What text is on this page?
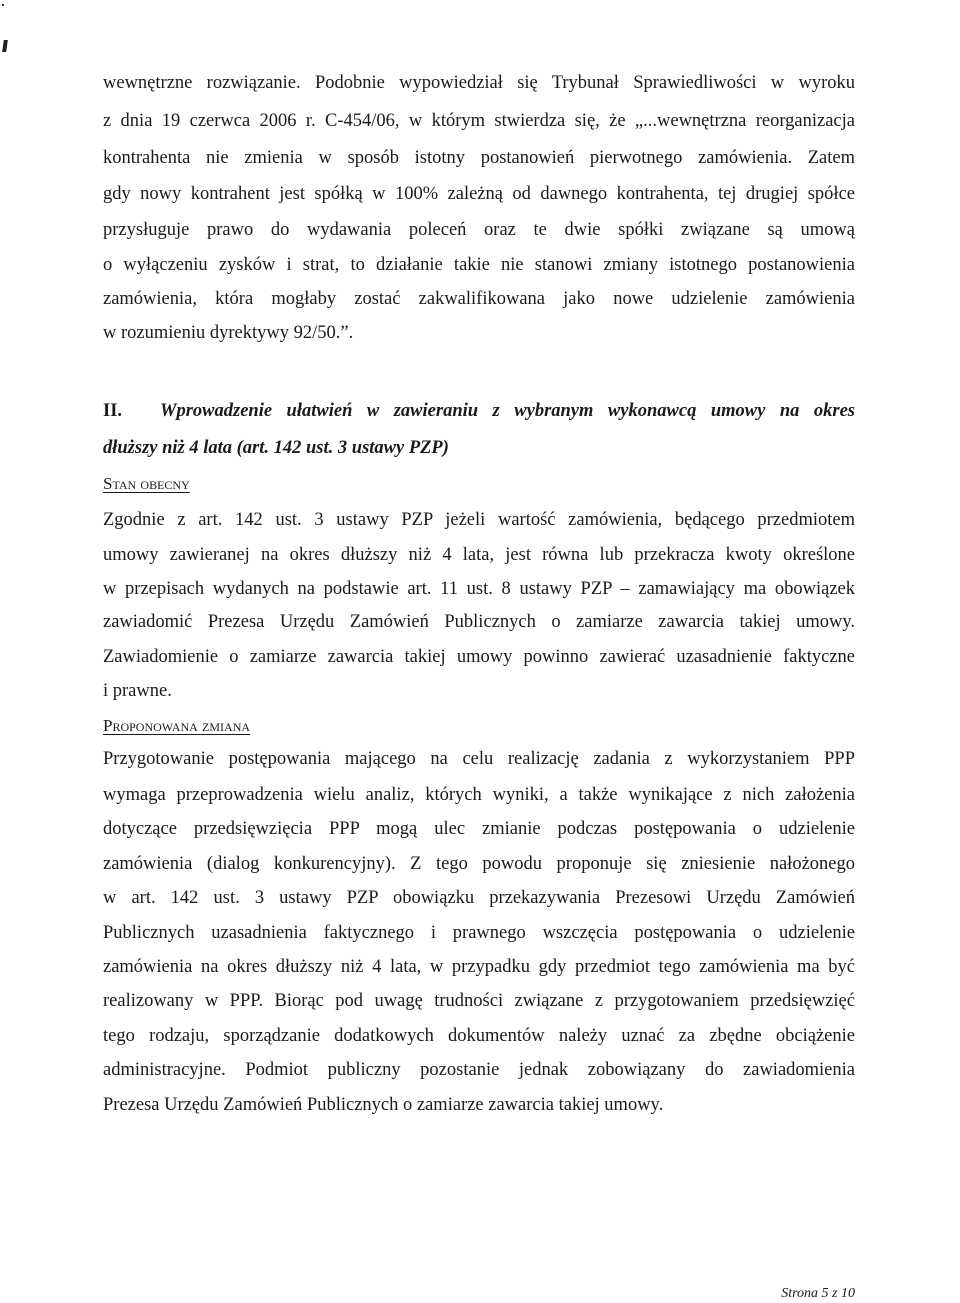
wewnętrzne rozwiązanie. Podobnie wypowiedział się Trybunał Sprawiedliwości w wyroku
z dnia 19 czerwca 2006 r. C-454/06, w którym stwierdza się, że „...wewnętrzna reorganizacja
kontrahenta nie zmienia w sposób istotny postanowień pierwotnego zamówienia. Zatem
gdy nowy kontrahent jest spółką w 100% zależną od dawnego kontrahenta, tej drugiej spółce
przysługuje prawo do wydawania poleceń oraz te dwie spółki związane są umową
o wyłączeniu zysków i strat, to działanie takie nie stanowi zmiany istotnego postanowienia
zamówienia, która mogłaby zostać zakwalifikowana jako nowe udzielenie zamówienia
w rozumieniu dyrektywy 92/50.”.
II. Wprowadzenie ułatwień w zawieraniu z wybranym wykonawcą umowy na okres
dłuższy niż 4 lata (art. 142 ust. 3 ustawy PZP)
Stan obecny
Zgodnie z art. 142 ust. 3 ustawy PZP jeżeli wartość zamówienia, będącego przedmiotem
umowy zawieranej na okres dłuższy niż 4 lata, jest równa lub przekracza kwoty określone
w przepisach wydanych na podstawie art. 11 ust. 8 ustawy PZP – zamawiający ma obowiązek
zawiadomić Prezesa Urzędu Zamówień Publicznych o zamiarze zawarcia takiej umowy.
Zawiadomienie o zamiarze zawarcia takiej umowy powinno zawierać uzasadnienie faktyczne
i prawne.
Proponowana zmiana
Przygotowanie postępowania mającego na celu realizację zadania z wykorzystaniem PPP
wymaga przeprowadzenia wielu analiz, których wyniki, a także wynikające z nich założenia
dotyczące przedsięwzięcia PPP mogą ulec zmianie podczas postępowania o udzielenie
zamówienia (dialog konkurencyjny). Z tego powodu proponuje się zniesienie nałożonego
w art. 142 ust. 3 ustawy PZP obowiązku przekazywania Prezesowi Urzędu Zamówień
Publicznych uzasadnienia faktycznego i prawnego wszczęcia postępowania o udzielenie
zamówienia na okres dłuższy niż 4 lata, w przypadku gdy przedmiot tego zamówienia ma być
realizowany w PPP. Biorąc pod uwagę trudności związane z przygotowaniem przedsięwzięć
tego rodzaju, sporządzanie dodatkowych dokumentów należy uznać za zbędne obciążenie
administracyjne. Podmiot publiczny pozostanie jednak zobowiązany do zawiadomienia
Prezesa Urzędu Zamówień Publicznych o zamiarze zawarcia takiej umowy.
Strona 5 z 10
